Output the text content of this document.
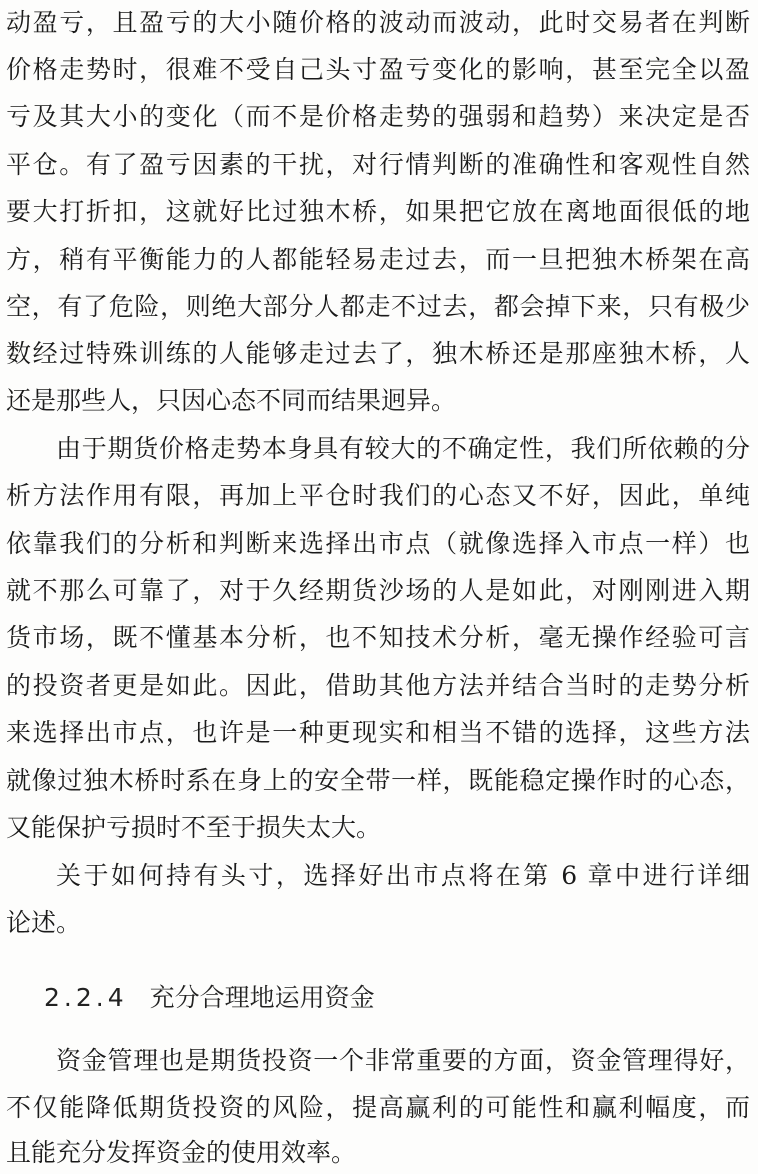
动盈亏，且盈亏的大小随价格的波动而波动，此时交易者在判断
价格走势时，很难不受自己头寸盈亏变化的影响，甚至完全以盈
亏及其大小的变化（而不是价格走势的强弱和趋势）来决定是否
平仓。有了盈亏因素的干扰，对行情判断的准确性和客观性自然
要大打折扣，这就好比过独木桥，如果把它放在离地面很低的地
方，稍有平衡能力的人都能轻易走过去，而一旦把独木桥架在高
空，有了危险，则绝大部分人都走不过去，都会掉下来，只有极少
数经过特殊训练的人能够走过去了，独木桥还是那座独木桥，人
还是那些人，只因心态不同而结果迥异。
由于期货价格走势本身具有较大的不确定性，我们所依赖的分
析方法作用有限，再加上平仓时我们的心态又不好，因此，单纯
依靠我们的分析和判断来选择出市点（就像选择入市点一样）也
就不那么可靠了，对于久经期货沙场的人是如此，对刚刚进入期
货市场，既不懂基本分析，也不知技术分析，毫无操作经验可言
的投资者更是如此。因此，借助其他方法并结合当时的走势分析
来选择出市点，也许是一种更现实和相当不错的选择，这些方法
就像过独木桥时系在身上的安全带一样，既能稳定操作时的心态，
又能保护亏损时不至于损失太大。
关于如何持有头寸，选择好出市点将在第 6 章中进行详细
论述。
2.2.4 充分合理地运用资金
资金管理也是期货投资一个非常重要的方面，资金管理得好，
不仅能降低期货投资的风险，提高赢利的可能性和赢利幅度，而
且能充分发挥资金的使用效率。
